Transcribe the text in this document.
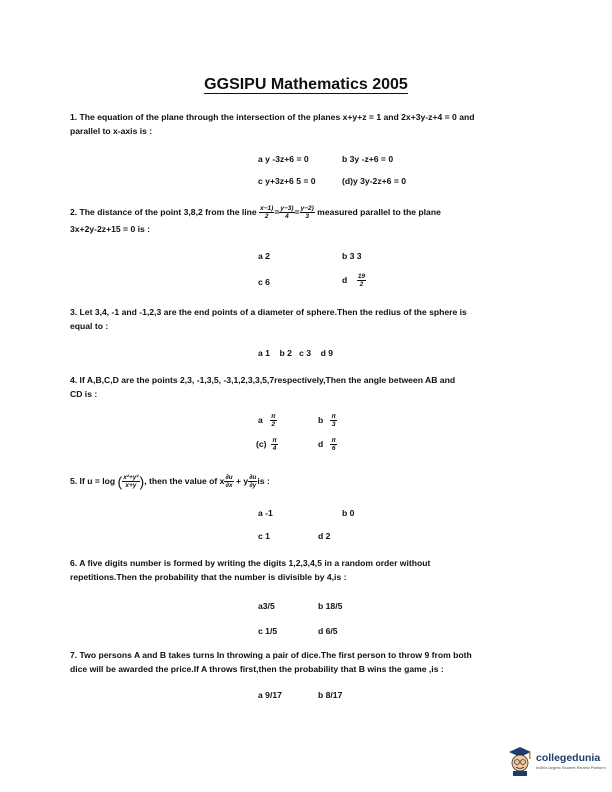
GGSIPU Mathematics 2005
1. The equation of the plane through the intersection of the planes x+y+z = 1 and 2x+3y-z+4 = 0 and
parallel to x-axis is :
a y -3z+6 = 0	b 3y -z+6 = 0
c y+3z+6 5 = 0	(d)y 3y-2z+6 = 0
2. The distance of the point 3,8,2 from the line $\frac{x-1)}{2} = \frac{y-3)}{4} = \frac{y-2)}{3}$ measured parallel to the plane
3x+2y-2z+15 = 0 is :
a 2	b 3 3
c 6	d $\frac{19}{2}$
3. Let 3,4, -1 and -1,2,3 are the end points of a diameter of sphere.Then the redius of the sphere is
equal to :
a 1    b 2   c 3    d 9
4. If A,B,C,D are the points 2,3, -1,3,5, -3,1,2,3,3,5,7respectively,Then the angle between AB and
CD is :
a $\frac{\pi}{2}$	b $\frac{\pi}{3}$
$(c) \frac{\pi}{4}$	d $\frac{\pi}{6}$
5. If u = log ( $\frac{\text{x²+y²}}{x+y}$ ), then the value of x $\frac{\partial u}{\partial x} + y \frac{\partial u}{\partial y}$ is :
a -1	b 0
c 1	d 2
6. A five digits number is formed by writing the digits 1,2,3,4,5 in a random order without
repetitions.Then the probability that the number is divisible by 4,is :
a3/5	b 18/5
c 1/5	d 6/5
7. Two persons A and B takes turns In throwing a pair of dice.The first person to throw 9 from both
dice will be awarded the price.If A throws first,then the probability that B wins the game ,is :
a 9/17	b 8/17
collegedunia
India's largest Student Review Platform
